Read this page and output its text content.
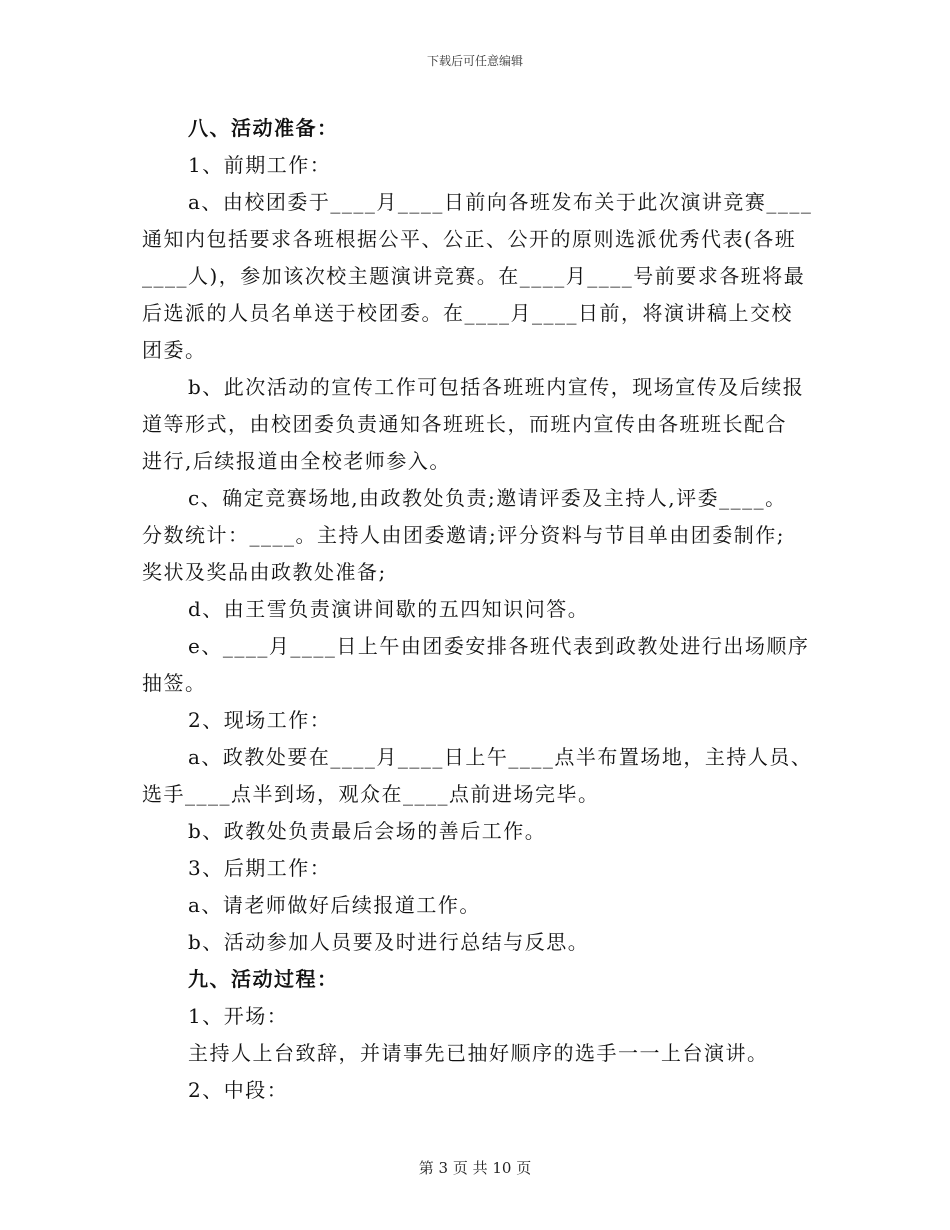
下载后可任意编辑
八、活动准备：
1、前期工作：
a、由校团委于____月____日前向各班发布关于此次演讲竞赛____
通知内包括要求各班根据公平、公正、公开的原则选派优秀代表(各班
____人)，参加该次校主题演讲竞赛。在____月____号前要求各班将最
后选派的人员名单送于校团委。在____月____日前，将演讲稿上交校
团委。
b、此次活动的宣传工作可包括各班班内宣传，现场宣传及后续报
道等形式，由校团委负责通知各班班长，而班内宣传由各班班长配合
进行,后续报道由全校老师参入。
c、确定竞赛场地,由政教处负责;邀请评委及主持人,评委____。
分数统计：____。主持人由团委邀请;评分资料与节目单由团委制作;
奖状及奖品由政教处准备;
d、由王雪负责演讲间歇的五四知识问答。
e、____月____日上午由团委安排各班代表到政教处进行出场顺序
抽签。
2、现场工作：
a、政教处要在____月____日上午____点半布置场地，主持人员、
选手____点半到场，观众在____点前进场完毕。
b、政教处负责最后会场的善后工作。
3、后期工作：
a、请老师做好后续报道工作。
b、活动参加人员要及时进行总结与反思。
九、活动过程：
1、开场：
主持人上台致辞，并请事先已抽好顺序的选手一一上台演讲。
2、中段：
第 3 页 共 10 页
